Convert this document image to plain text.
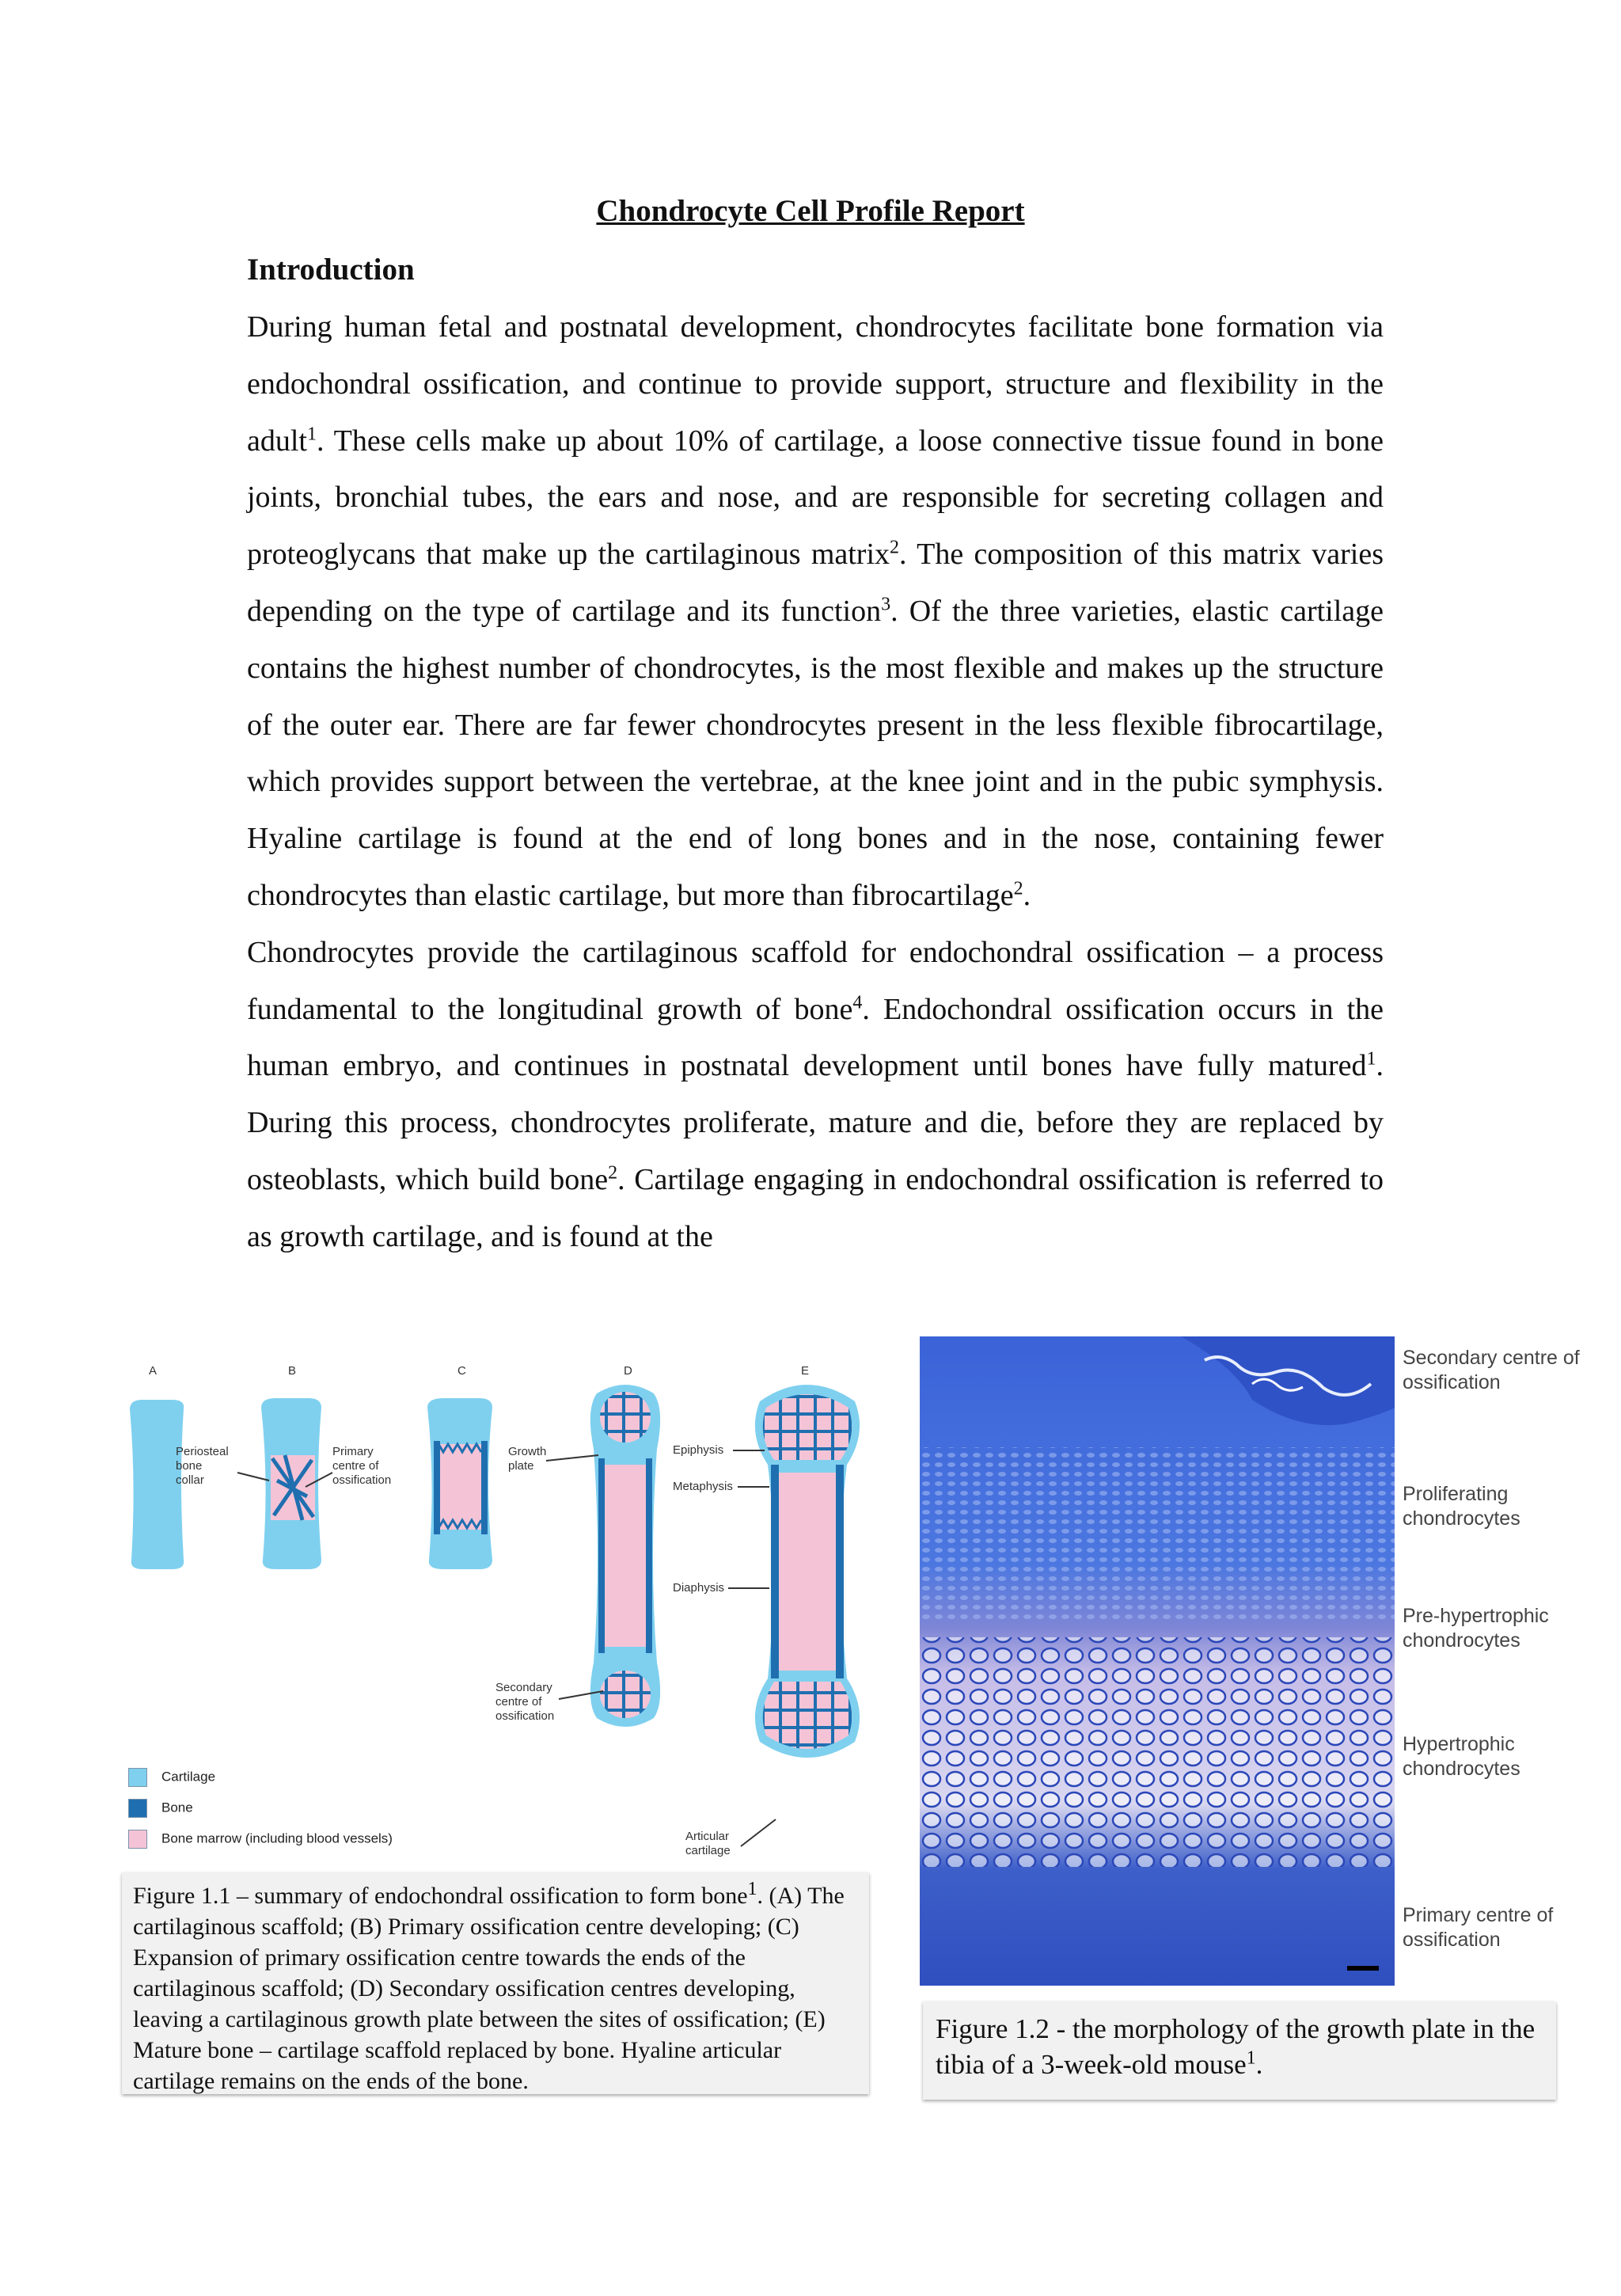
Chondrocyte Cell Profile Report
Introduction

During human fetal and postnatal development, chondrocytes facilitate bone formation via endochondral ossification, and continue to provide support, structure and flexibility in the adult$^1$. These cells make up about 10% of cartilage, a loose connective tissue found in bone joints, bronchial tubes, the ears and nose, and are responsible for secreting collagen and proteoglycans that make up the cartilaginous matrix$^2$. The composition of this matrix varies depending on the type of cartilage and its function$^3$. Of the three varieties, elastic cartilage contains the highest number of chondrocytes, is the most flexible and makes up the structure of the outer ear. There are far fewer chondrocytes present in the less flexible fibrocartilage, which provides support between the vertebrae, at the knee joint and in the pubic symphysis. Hyaline cartilage is found at the end of long bones and in the nose, containing fewer chondrocytes than elastic cartilage, but more than fibrocartilage$^2$.

Chondrocytes provide the cartilaginous scaffold for endochondral ossification – a process fundamental to the longitudinal growth of bone$^4$. Endochondral ossification occurs in the human embryo, and continues in postnatal development until bones have fully matured$^1$. During this process, chondrocytes proliferate, mature and die, before they are replaced by osteoblasts, which build bone$^2$. Cartilage engaging in endochondral ossification is referred to as growth cartilage, and is found at the

A	B	C	D	E
Periosteal
bone
collar
Primary
centre of
ossification
Growth
plate
Epiphysis
Metaphysis
Diaphysis
Secondary
centre of
ossification
Articular
cartilage
Cartilage
Bone
Bone marrow (including blood vessels)
Figure 1.1 – summary of endochondral ossification to form bone$^1$. (A) The cartilaginous scaffold; (B) Primary ossification centre developing; (C) Expansion of primary ossification centre towards the ends of the cartilaginous scaffold; (D) Secondary ossification centres developing, leaving a cartilaginous growth plate between the sites of ossification; (E) Mature bone – cartilage scaffold replaced by bone. Hyaline articular cartilage remains on the ends of the bone.
Secondary centre of ossification
Proliferating chondrocytes
Pre-hypertrophic chondrocytes
Hypertrophic chondrocytes
Primary centre of ossification
Figure 1.2 - the morphology of the growth plate in the tibia of a 3-week-old mouse$^1$.
